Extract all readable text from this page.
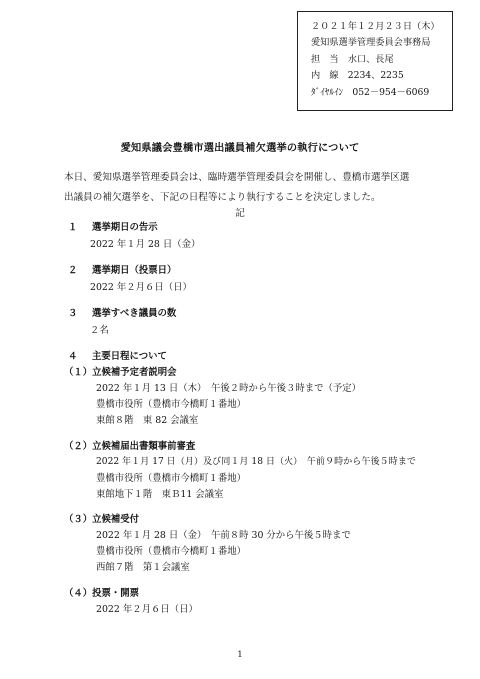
２０２１年１２月２３日（木）
愛知県選挙管理委員会事務局
担　当　水口、長尾
内　線　2234、2235
ﾀﾞｲﾔﾙｲﾝ　052－954－6069
愛知県議会豊橋市選出議員補欠選挙の執行について
本日、愛知県選挙管理委員会は、臨時選挙管理委員会を開催し、豊橋市選挙区選
出議員の補欠選挙を、下記の日程等により執行することを決定しました。
記
１ 選挙期日の告示
2022 年１月 28 日（金）
２ 選挙期日（投票日）
2022 年２月６日（日）
３ 選挙すべき議員の数
２名
４ 主要日程について
（１）立候補予定者説明会
2022 年１月 13 日（木）　午後２時から午後３時まで（予定）
豊橋市役所（豊橋市今橋町１番地）
東館８階　東 82 会議室
（２）立候補届出書類事前審査
2022 年１月 17 日（月）及び同１月 18 日（火）　午前９時から午後５時まで
豊橋市役所（豊橋市今橋町１番地）
東館地下１階　東Ｂ11 会議室
（３）立候補受付
2022 年１月 28 日（金）　午前８時 30 分から午後５時まで
豊橋市役所（豊橋市今橋町１番地）
西館７階　第１会議室
（４）投票・開票
2022 年２月６日（日）
1
